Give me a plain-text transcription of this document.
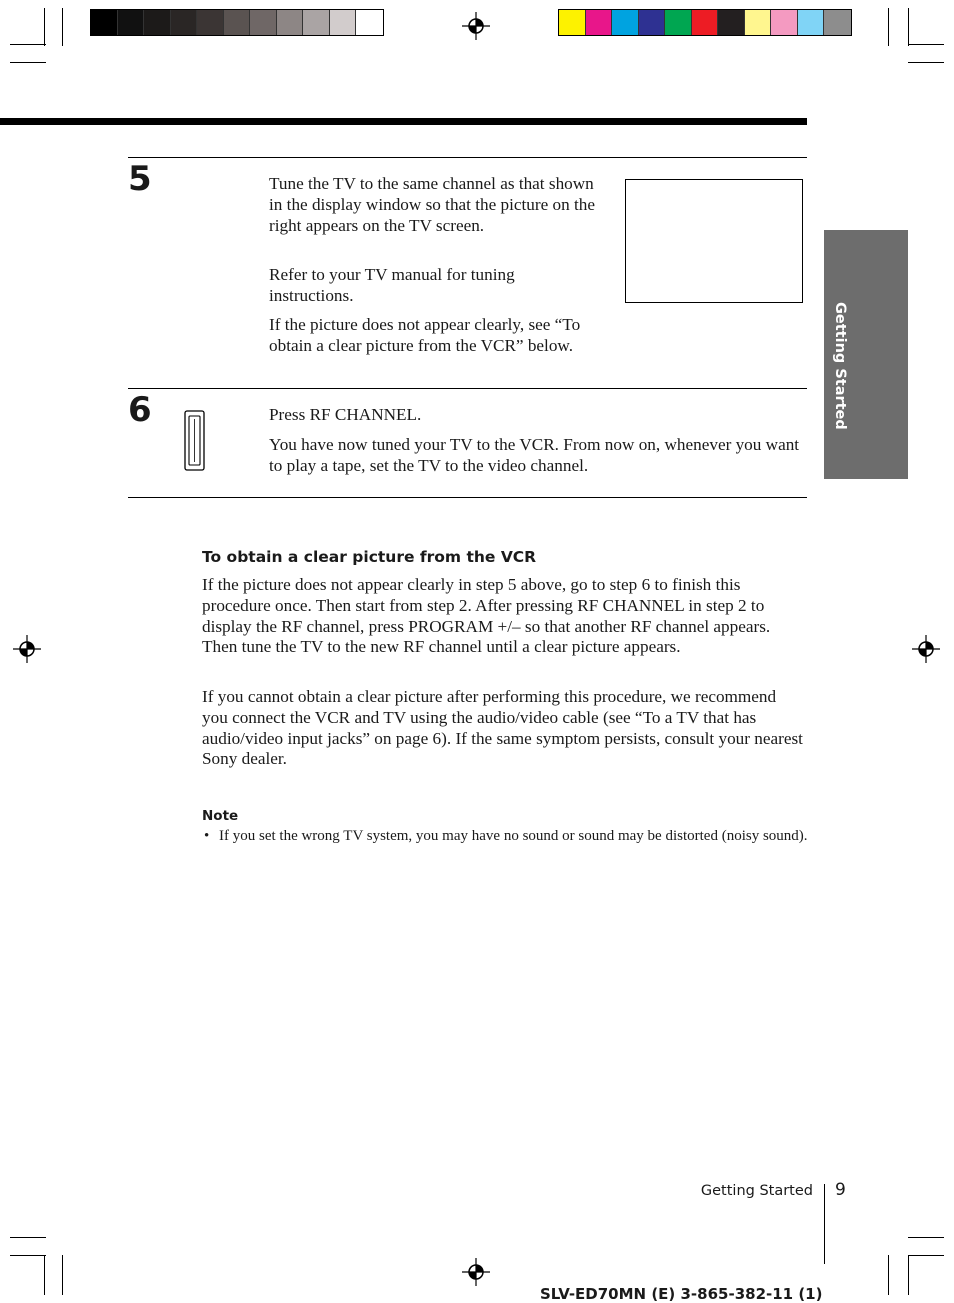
Getting Started
5	Tune the TV to the same channel as that shown in the display window so that the picture on the right appears on the TV screen.

Refer to your TV manual for tuning instructions.

If the picture does not appear clearly, see “To obtain a clear picture from the VCR” below.

6	Press RF CHANNEL.

You have now tuned your TV to the VCR. From now on, whenever you want to play a tape, set the TV to the video channel.

To obtain a clear picture from the VCR

If the picture does not appear clearly in step 5 above, go to step 6 to finish this procedure once. Then start from step 2. After pressing RF CHANNEL in step 2 to display the RF channel, press PROGRAM +/– so that another RF channel appears. Then tune the TV to the new RF channel until a clear picture appears.

If you cannot obtain a clear picture after performing this procedure, we recommend you connect the VCR and TV using the audio/video cable (see “To a TV that has audio/video input jacks” on page 6). If the same symptom persists, consult your nearest Sony dealer.

Note
• If you set the wrong TV system, you may have no sound or sound may be distorted (noisy sound).

Getting Started 9
SLV-ED70MN (E) 3-865-382-11 (1)
